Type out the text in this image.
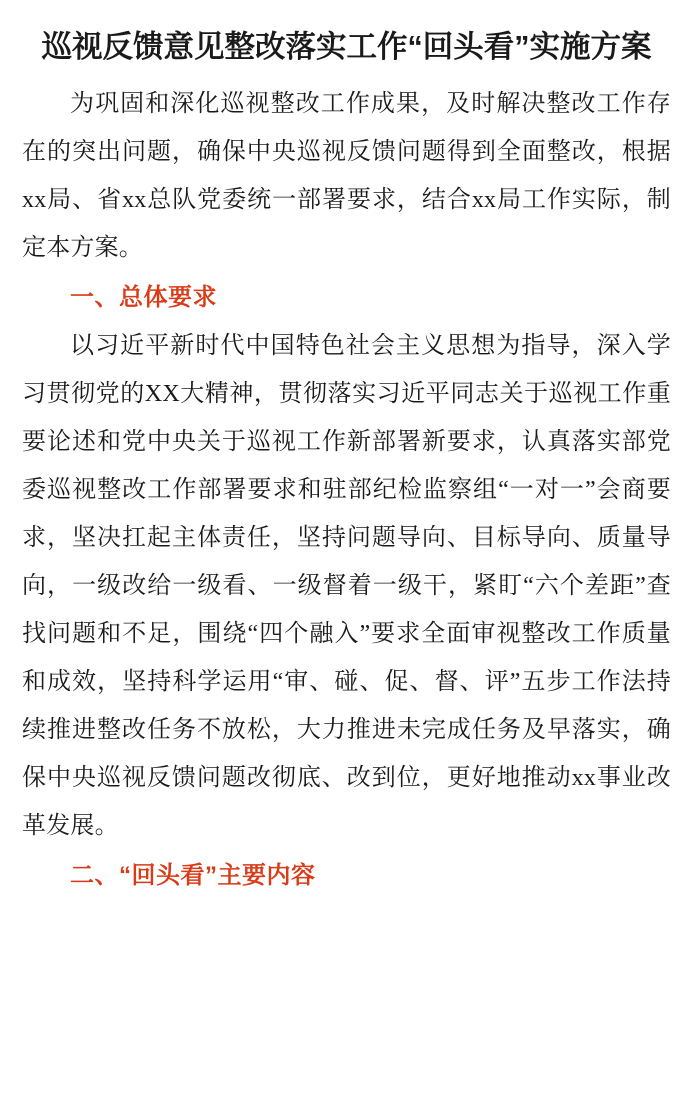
巡视反馈意见整改落实工作“回头看”实施方案

为巩固和深化巡视整改工作成果，及时解决整改工作存在的突出问题，确保中央巡视反馈问题得到全面整改，根据xx局、省xx总队党委统一部署要求，结合xx局工作实际，制定本方案。

一、总体要求

以习近平新时代中国特色社会主义思想为指导，深入学习贯彻党的XX大精神，贯彻落实习近平同志关于巡视工作重要论述和党中央关于巡视工作新部署新要求，认真落实部党委巡视整改工作部署要求和驻部纪检监察组“一对一”会商要求，坚决扛起主体责任，坚持问题导向、目标导向、质量导向，一级改给一级看、一级督着一级干，紧盯“六个差距”查找问题和不足，围绕“四个融入”要求全面审视整改工作质量和成效，坚持科学运用“审、碰、促、督、评”五步工作法持续推进整改任务不放松，大力推进未完成任务及早落实，确保中央巡视反馈问题改彻底、改到位，更好地推动xx事业改革发展。

二、“回头看”主要内容
